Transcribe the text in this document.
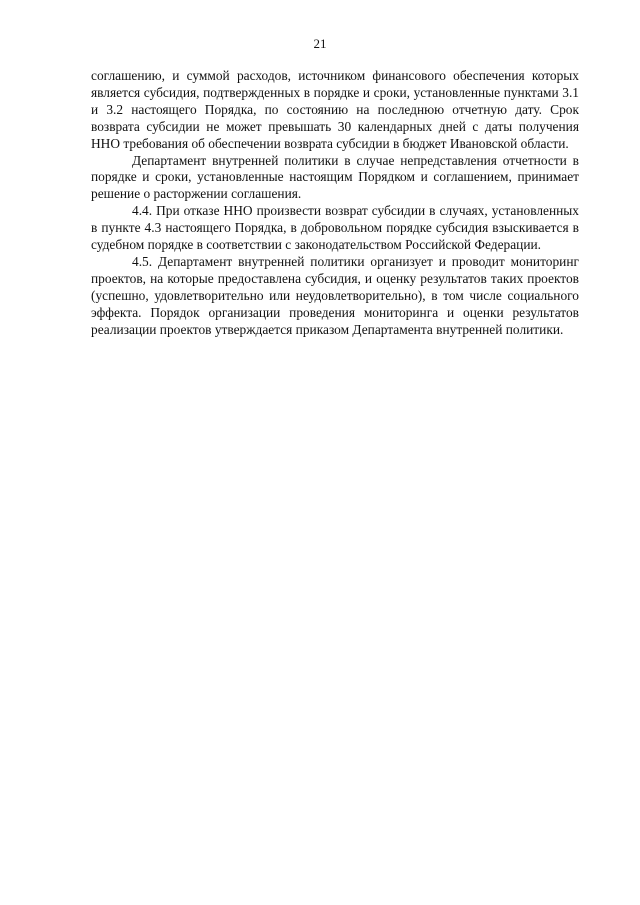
21

соглашению, и суммой расходов, источником финансового обеспечения которых является субсидия, подтвержденных в порядке и сроки, установленные пунктами 3.1 и 3.2 настоящего Порядка, по состоянию на последнюю отчетную дату. Срок возврата субсидии не может превышать 30 календарных дней с даты получения ННО требования об обеспечении возврата субсидии в бюджет Ивановской области.

Департамент внутренней политики в случае непредставления отчетности в порядке и сроки, установленные настоящим Порядком и соглашением, принимает решение о расторжении соглашения.

4.4. При отказе ННО произвести возврат субсидии в случаях, установленных в пункте 4.3 настоящего Порядка, в добровольном порядке субсидия взыскивается в судебном порядке в соответствии с законодательством Российской Федерации.

4.5. Департамент внутренней политики организует и проводит мониторинг проектов, на которые предоставлена субсидия, и оценку результатов таких проектов (успешно, удовлетворительно или неудовлетворительно), в том числе социального эффекта. Порядок организации проведения мониторинга и оценки результатов реализации проектов утверждается приказом Департамента внутренней политики.
